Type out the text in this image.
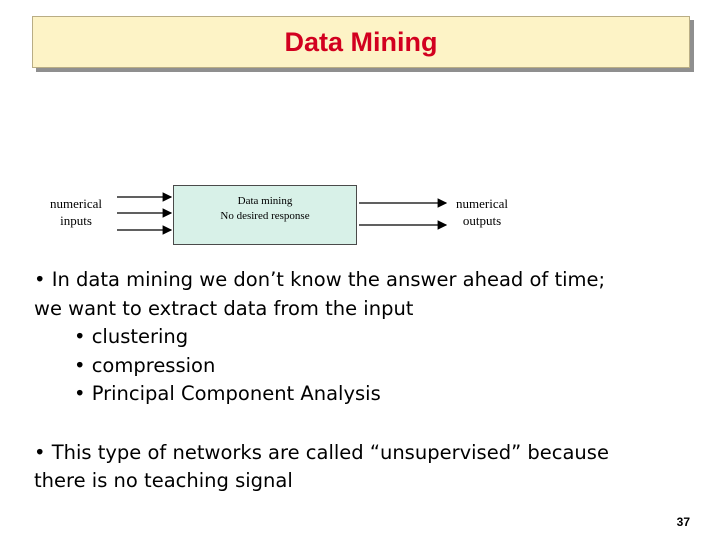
Data Mining
numerical
inputs
Data mining
No desired response
numerical
outputs

• In data mining we don’t know the answer ahead of time;

we want to extract data from the input

• clustering

• compression

• Principal Component Analysis

• This type of networks are called “unsupervised” because

there is no teaching signal

37
